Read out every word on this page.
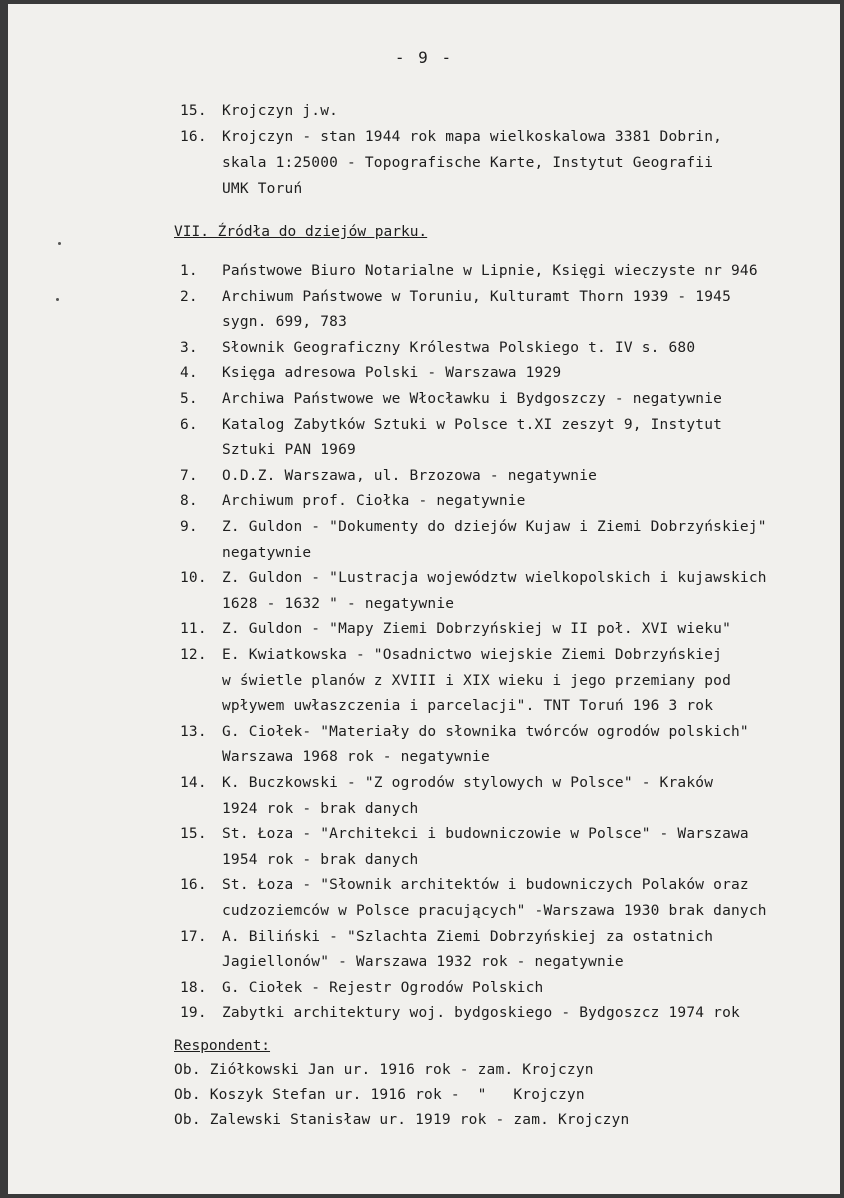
- 9 -
15. Krojczyn j.w.
16. Krojczyn - stan 1944 rok mapa wielkoskalowa 3381 Dobrin,
skala 1:25000 - Topografische Karte, Instytut Geografii
UMK Toruń
VII. Źródła do dziejów parku.
1. Państwowe Biuro Notarialne w Lipnie, Księgi wieczyste nr 946
2. Archiwum Państwowe w Toruniu, Kulturamt Thorn 1939 - 1945
sygn. 699, 783
3. Słownik Geograficzny Królestwa Polskiego t. IV s. 680
4. Księga adresowa Polski - Warszawa 1929
5. Archiwa Państwowe we Włocławku i Bydgoszczy - negatywnie
6. Katalog Zabytków Sztuki w Polsce t.XI zeszyt 9, Instytut
Sztuki PAN 1969
7. O.D.Z. Warszawa, ul. Brzozowa - negatywnie
8. Archiwum prof. Ciołka - negatywnie
9. Z. Guldon - "Dokumenty do dziejów Kujaw i Ziemi Dobrzyńskiej"
negatywnie
10. Z. Guldon - "Lustracja województw wielkopolskich i kujawskich
1628 - 1632 " - negatywnie
11. Z. Guldon - "Mapy Ziemi Dobrzyńskiej w II poł. XVI wieku"
12. E. Kwiatkowska - "Osadnictwo wiejskie Ziemi Dobrzyńskiej
w świetle planów z XVIII i XIX wieku i jego przemiany pod
wpływem uwłaszczenia i parcelacji". TNT Toruń 196 3 rok
13. G. Ciołek- "Materiały do słownika twórców ogrodów polskich"
Warszawa 1968 rok - negatywnie
14. K. Buczkowski - "Z ogrodów stylowych w Polsce" - Kraków
1924 rok - brak danych
15. St. Łoza - "Architekci i budowniczowie w Polsce" - Warszawa
1954 rok - brak danych
16. St. Łoza - "Słownik architektów i budowniczych Polaków oraz
cudzoziemców w Polsce pracujących" -Warszawa 1930 brak danych
17. A. Biliński - "Szlachta Ziemi Dobrzyńskiej za ostatnich
Jagiellonów" - Warszawa 1932 rok - negatywnie
18. G. Ciołek - Rejestr Ogrodów Polskich
19. Zabytki architektury woj. bydgoskiego - Bydgoszcz 1974 rok
Respondent:
Ob. Ziółkowski Jan ur. 1916 rok - zam. Krojczyn
Ob. Koszyk Stefan ur. 1916 rok -  "   Krojczyn
Ob. Zalewski Stanisław ur. 1919 rok - zam. Krojczyn
